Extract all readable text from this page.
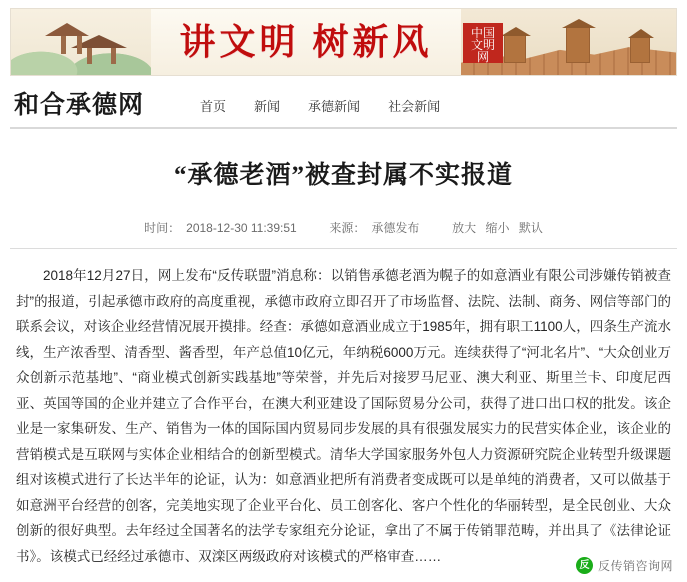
讲文明 树新风	中国文明网
和合承德网	首页	新闻	承德新闻	社会新闻
“承德老酒”被查封属不实报道
时间： 2018-12-30 11:39:51	来源： 承德发布	放大 缩小 默认

2018年12月27日，网上发布“反传联盟”消息称：以销售承德老酒为幌子的如意酒业有限公司涉嫌传销被查封”的报道，引起承德市政府的高度重视，承德市政府立即召开了市场监督、法院、法制、商务、网信等部门的联系会议，对该企业经营情况展开摸排。经查：承德如意酒业成立于1985年，拥有职工1100人，四条生产流水线，生产浓香型、清香型、酱香型，年产总值10亿元，年纳税6000万元。连续获得了“河北名片”、“大众创业万众创新示范基地”、“商业模式创新实践基地”等荣誉，并先后对接罗马尼亚、澳大利亚、斯里兰卡、印度尼西亚、英国等国的企业并建立了合作平台，在澳大利亚建设了国际贸易分公司，获得了进口出口权的批发。该企业是一家集研发、生产、销售为一体的国际国内贸易同步发展的具有很强发展实力的民营实体企业，该企业的营销模式是互联网与实体企业相结合的创新型模式。清华大学国家服务外包人力资源研究院企业转型升级课题组对该模式进行了长达半年的论证，认为：如意酒业把所有消费者变成既可以是单纯的消费者，又可以做基于如意洲平台经营的创客，完美地实现了企业平台化、员工创客化、客户个性化的华丽转型，是全民创业、大众创新的很好典型。去年经过全国著名的法学专家组充分论证，拿出了不属于传销罪范畴，并出具了《法律论证书》。该模式已经经过承德市、双滦区两级政府对该模式的严格审查……

反 反传销咨询网
